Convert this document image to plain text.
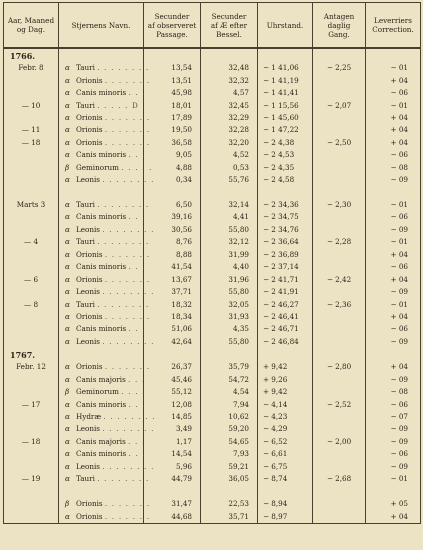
Aar, Maaned
og Dag.	Stjernens Navn.	Secunder
af observeret
Passage.	Secunder
af Æ efter
Bessel.	Uhrstand.	Antagen
daglig
Gang.	Leverriers
Correction.
1766.						
Febr. 8	α Tauri . . . . . . . .	13,54	32,48	− 1 41,06	− 2,25	− 01
	α Orionis . . . . . . .	13,51	32,32	− 1 41,19		+ 04
	α Canis minoris . . .	45,98	4,57	− 1 41,41		− 06
— 10	α Tauri . . . . . D	18,01	32,45	− 1 15,56	− 2,07	− 01
	α Orionis . . . . . . .	17,89	32,29	− 1 45,60		+ 04
— 11	α Orionis . . . . . . .	19,50	32,28	− 1 47,22		+ 04
— 18	α Orionis . . . . . . .	36,58	32,20	− 2 4,38	− 2,50	+ 04
	α Canis minoris . . .	9,05	4,52	− 2 4,53		− 06
	β Geminorum . . . . .	4,88	0,53	− 2 4,35		− 08
	α Leonis . . . . . . . .	0,34	55,76	− 2 4,58		− 09

Marts 3	α Tauri . . . . . . . .	6,50	32,14	− 2 34,36	− 2,30	− 01
	α Canis minoris . . .	39,16	4,41	− 2 34,75		− 06
	α Leonis . . . . . . . .	30,56	55,80	− 2 34,76		− 09
— 4	α Tauri . . . . . . . .	8,76	32,12	− 2 36,64	− 2,28	− 01
	α Orionis . . . . . . .	8,88	31,99	− 2 36,89		+ 04
	α Canis minoris . . .	41,54	4,40	− 2 37,14		− 06
— 6	α Orionis . . . . . . .	13,67	31,96	− 2 41,71	− 2,42	+ 04
	α Leonis . . . . . . . .	37,71	55,80	− 2 41,91		− 09
— 8	α Tauri . . . . . . . .	18,32	32,05	− 2 46,27	− 2,36	− 01
	α Orionis . . . . . . .	18,34	31,93	− 2 46,41		+ 04
	α Canis minoris . . .	51,06	4,35	− 2 46,71		− 06
	α Leonis . . . . . . . .	42,64	55,80	− 2 46,84		− 09
1767.						
Febr. 12	α Orionis . . . . . . .	26,37	35,79	+ 9,42	− 2,80	+ 04
	α Canis majoris . . .	45,46	54,72	+ 9,26		− 09
	β Geminorum . . . .	55,12	4,54	+ 9,42		− 08
— 17	α Canis minoris . . .	12,08	7,94	− 4,14	− 2,52	− 06
	α Hydræ . . . . . . . .	14,85	10,62	− 4,23		− 07
	α Leonis . . . . . . . .	3,49	59,20	− 4,29		− 09
— 18	α Canis majoris . . .	1,17	54,65	− 6,52	− 2,00	− 09
	α Canis minoris . . .	14,54	7,93	− 6,61		− 06
	α Leonis . . . . . . . .	5,96	59,21	− 6,75		− 09
— 19	α Tauri . . . . . . . .	44,79	36,05	− 8,74	− 2,68	− 01

	β Orionis . . . . . . .	31,47	22,53	− 8,94		+ 05
	α Orionis . . . . . . .	44,68	35,71	− 8,97		+ 04
